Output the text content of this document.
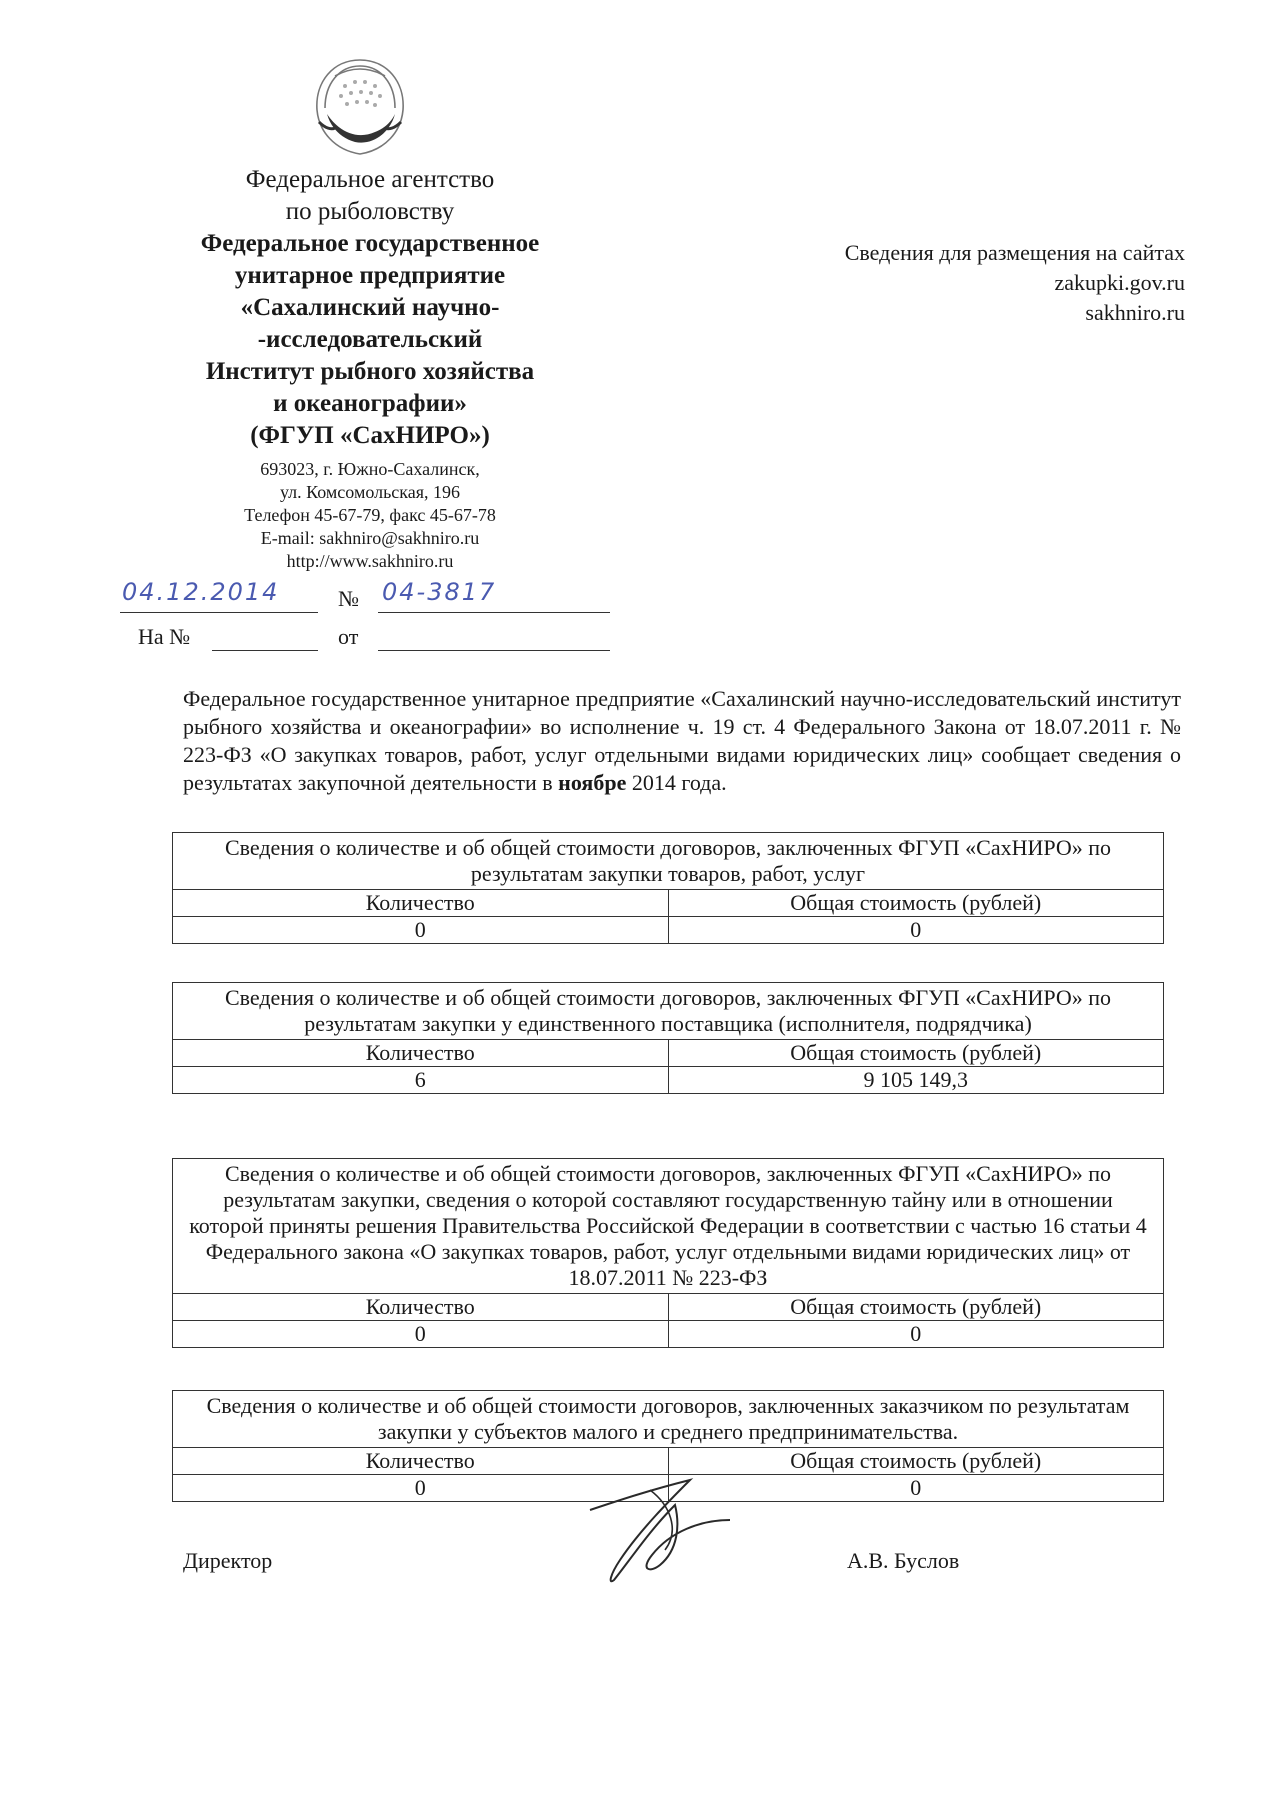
Федеральное агентство
по рыболовству
Федеральное государственное
унитарное предприятие
«Сахалинский научно-
-исследовательский
Институт рыбного хозяйства
и океанографии»
(ФГУП «СахНИРО»)
693023, г. Южно-Сахалинск,
ул. Комсомольская, 196
Телефон 45-67-79, факс 45-67-78
E-mail: sakhniro@sakhniro.ru
http://www.sakhniro.ru
04.12.2014	№ 04-3817
На №	от
Сведения для размещения на сайтах
zakupki.gov.ru
sakhniro.ru
Федеральное государственное унитарное предприятие «Сахалинский научно-исследовательский институт рыбного хозяйства и океанографии» во исполнение ч. 19 ст. 4 Федерального Закона от 18.07.2011 г. № 223-ФЗ «О закупках товаров, работ, услуг отдельными видами юридических лиц» сообщает сведения о результатах закупочной деятельности в ноябре 2014 года.
Сведения о количестве и об общей стоимости договоров, заключенных ФГУП «СахНИРО» по результатам закупки товаров, работ, услуг	
Количество	Общая стоимость (рублей)
0	0
Сведения о количестве и об общей стоимости договоров, заключенных ФГУП «СахНИРО» по результатам закупки у единственного поставщика (исполнителя, подрядчика)	
Количество	Общая стоимость (рублей)
6	9 105 149,3
Сведения о количестве и об общей стоимости договоров, заключенных ФГУП «СахНИРО» по результатам закупки, сведения о которой составляют государственную тайну или в отношении которой приняты решения Правительства Российской Федерации в соответствии с частью 16 статьи 4 Федерального закона «О закупках товаров, работ, услуг отдельными видами юридических лиц» от 18.07.2011 № 223-ФЗ	
Количество	Общая стоимость (рублей)
0	0
Сведения о количестве и об общей стоимости договоров, заключенных заказчиком по результатам закупки у субъектов малого и среднего предпринимательства.	
Количество	Общая стоимость (рублей)
0	0
Директор	А.В. Буслов
